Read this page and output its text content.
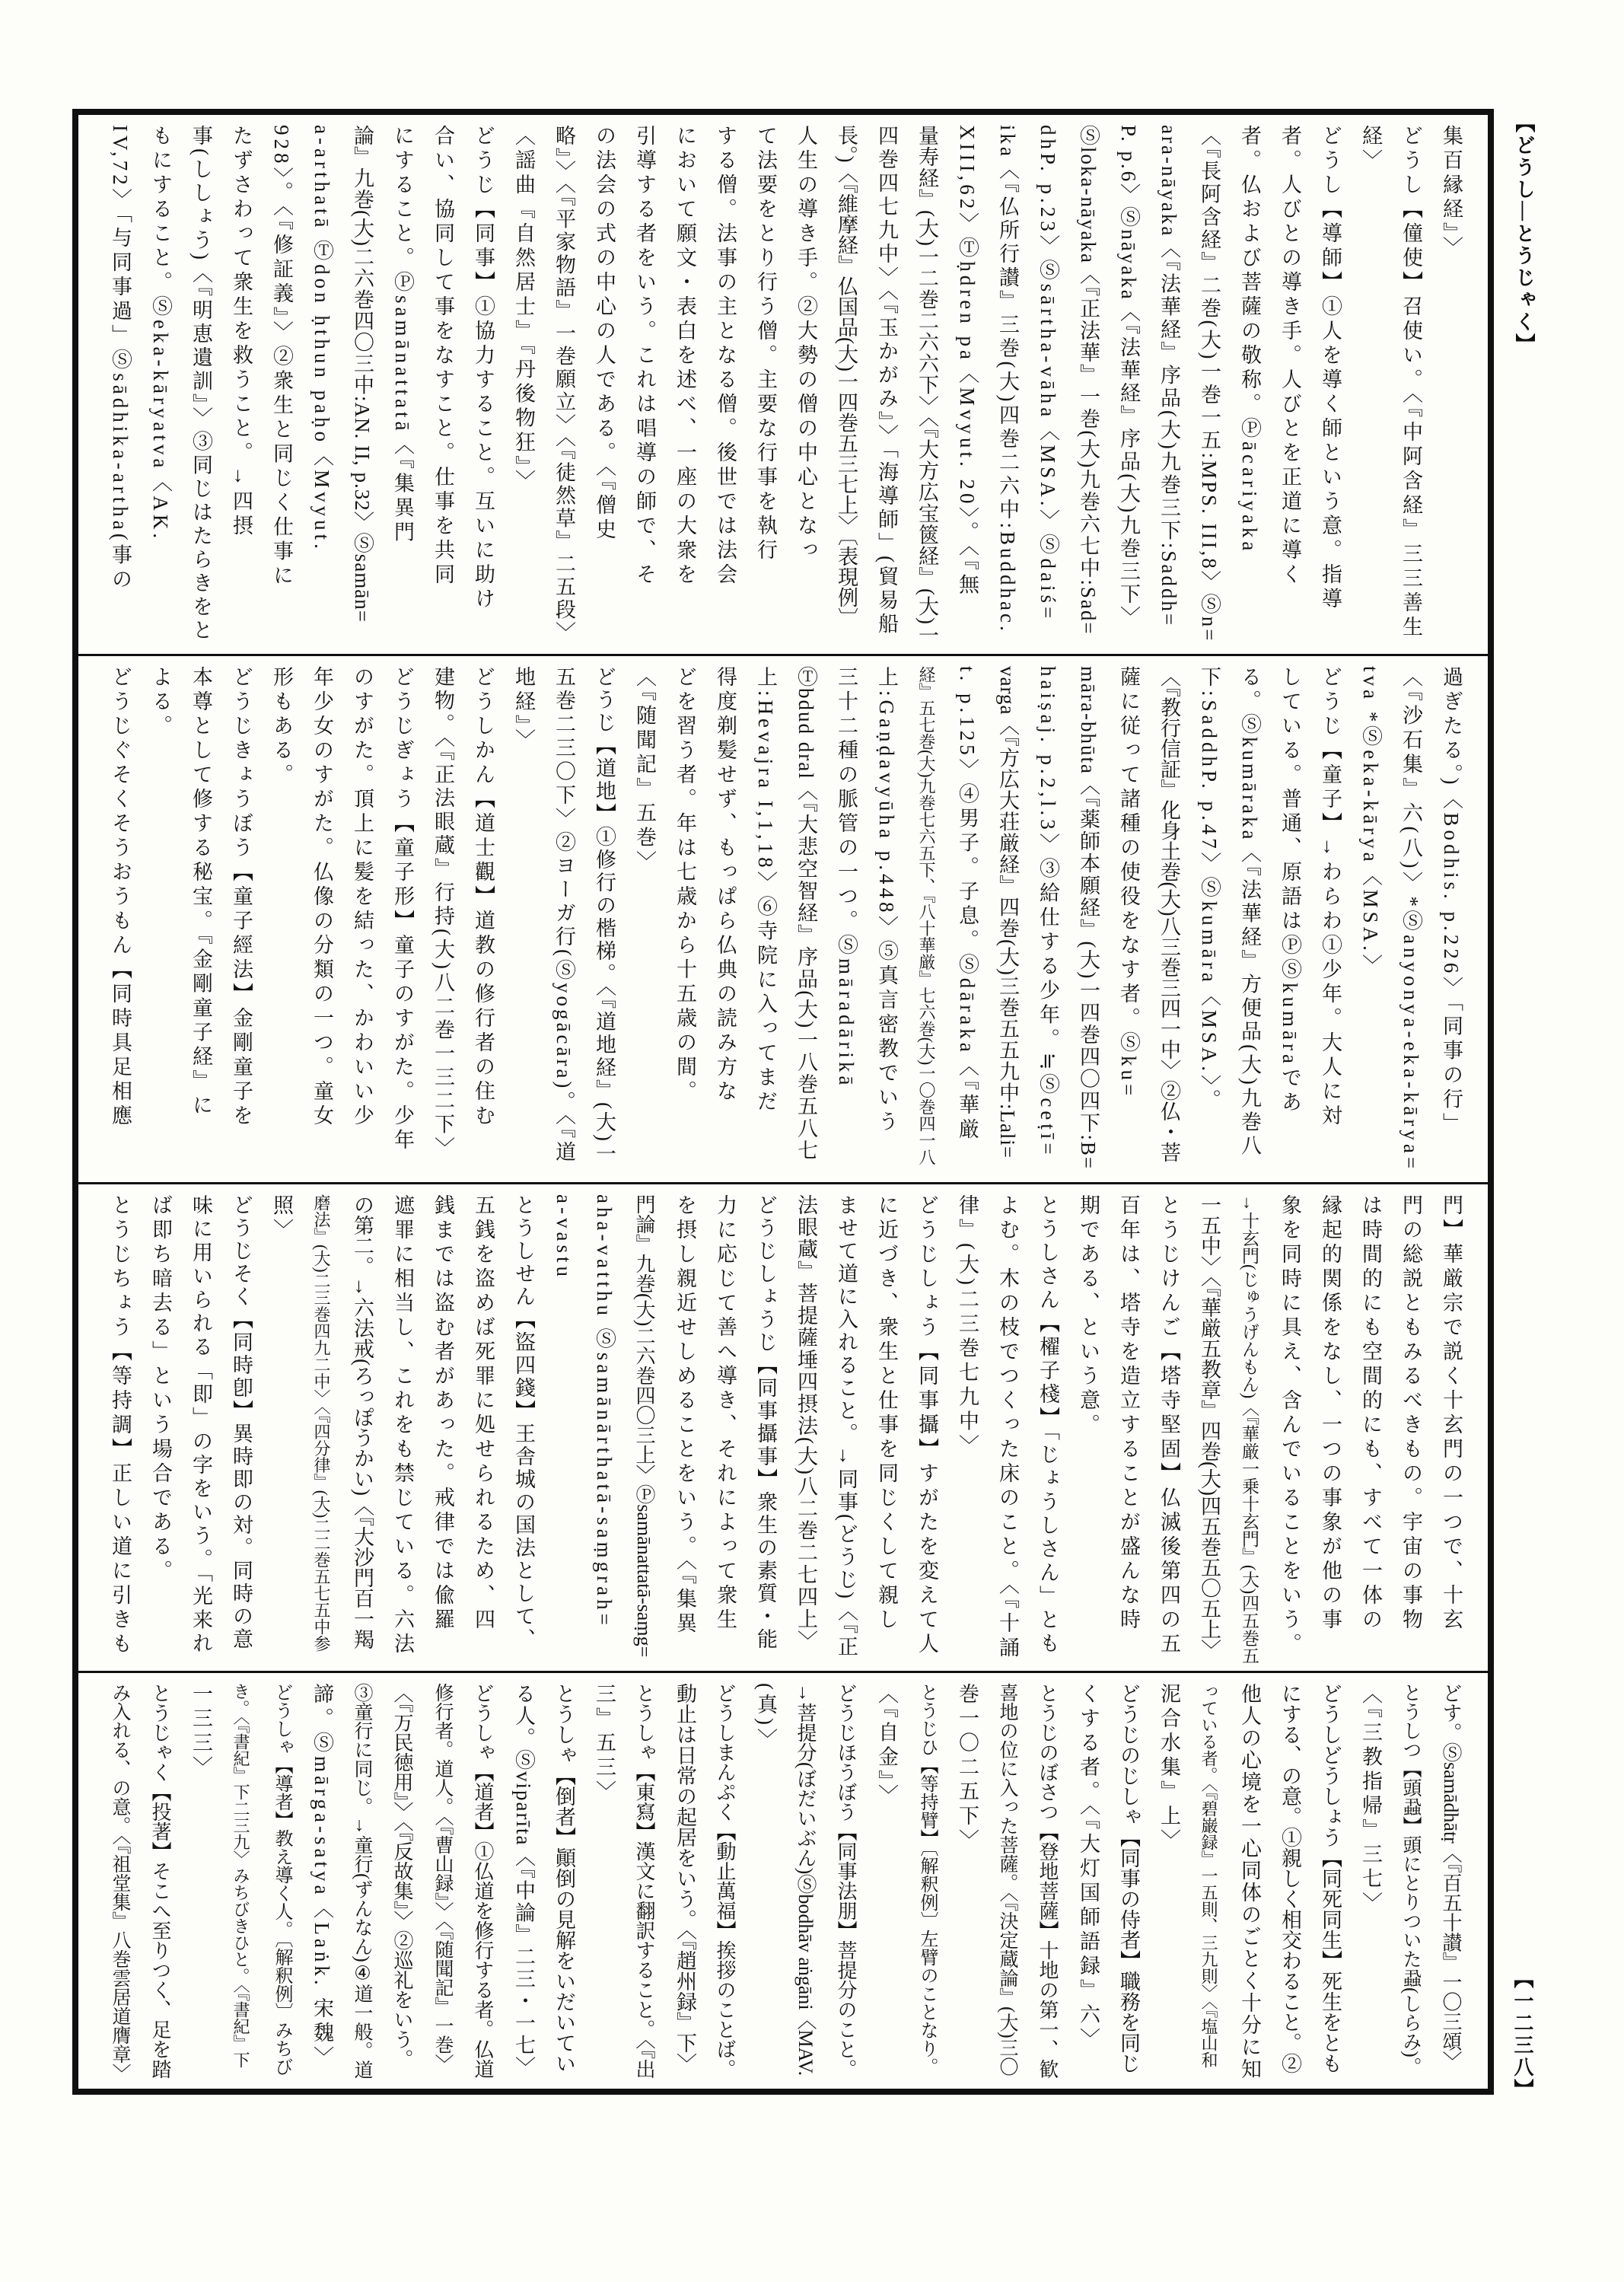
【どうし―とうじゃく】
集百縁経』〉
どうし【僮使】召使い。〈『中阿含経』三三善生
経〉
どうし【導師】①人を導く師という意。指導
者。人びとの導き手。人びとを正道に導く
者。仏および菩薩の敬称。Ⓟācariyaka
〈『長阿含経』二巻(大)一巻一五:MPS. III,8〉Ⓢn=
ara-nāyaka〈『法華経』序品(大)九巻三下:Saddh=
P. p.6〉Ⓢnāyaka〈『法華経』序品(大)九巻三下〉
Ⓢloka-nāyaka〈『正法華』一巻(大)九巻六七中:Sad=
dhP. p.23〉Ⓢsārtha-vāha〈MSA.〉Ⓢdaiś=
ika〈『仏所行讃』三巻(大)四巻二六中:Buddhac.
XIII,62〉Ⓣḥdren pa〈Mvyut. 20〉。〈『無
量寿経』(大)一二巻二六六下〉〈『大方広宝篋経』(大)一
四巻四七九中〉〈『玉かがみ』〉「海導師」(貿易船
長。)〈『維摩経』仏国品(大)一四巻五三七上〉〔表現例〕
人生の導き手。②大勢の僧の中心となっ
て法要をとり行う僧。主要な行事を執行
する僧。法事の主となる僧。後世では法会
において願文・表白を述べ、一座の大衆を
引導する者をいう。これは唱導の師で、そ
の法会の式の中心の人である。〈『僧史
略』〉〈『平家物語』一巻願立〉〈『徒然草』二五段〉
〈謡曲『自然居士』『丹後物狂』〉
どうじ【同事】①協力すること。互いに助け
合い、協同して事をなすこと。仕事を共同
にすること。Ⓟsamānattatā〈『集異門
論』九巻(大)二六巻四〇三中:AN. II, p.32〉Ⓢsamān=
a-arthatā Ⓣdon ḥthun paḥo〈Mvyut.
928〉。〈『修証義』〉②衆生と同じく仕事に
たずさわって衆生を救うこと。→四摂
事(ししょう)〈『明恵遺訓』〉③同じはたらきをと
もにすること。Ⓢeka-kāryatva〈AK.
IV,72〉「与同事過」Ⓢsādhika-artha(事の
過ぎたる。)〈Bodhis. p.226〉「同事の行」
〈『沙石集』六(八)〉*Ⓢanyonya-eka-kārya=
tva *Ⓢeka-kārya〈MSA.〉
どうじ【童子】→わらわ①少年。大人に対
している。普通、原語はⓅⓈkumāraであ
る。Ⓢkumāraka〈『法華経』方便品(大)九巻八
下:SaddhP. p.47〉Ⓢkumāra〈MSA.〉。
〈『教行信証』化身土巻(大)八三巻三四一中〉②仏・菩
薩に従って諸種の使役をなす者。Ⓢku=
māra-bhūta〈『薬師本願経』(大)一四巻四〇四下:B=
haiṣaj. p.2,l.3〉③給仕する少年。≒Ⓢceṭī=
varga〈『方広大荘厳経』四巻(大)三巻五五九中:Lali=
t. p.125〉④男子。子息。Ⓢdāraka〈『華厳
経』五七巻(大)九巻七六五下、『八十華厳』七六巻(大)一〇巻四一八
上:Gaṇḍavyūha p.448〉⑤真言密教でいう
三十二種の脈管の一つ。Ⓢmāradārikā
Ⓣbdud dral〈『大悲空智経』序品(大)一八巻五八七
上:Hevajra I,1,18〉⑥寺院に入ってまだ
得度剃髪せず、もっぱら仏典の読み方な
どを習う者。年は七歳から十五歳の間。
〈『随聞記』五巻〉
どうじ【道地】①修行の楷梯。〈『道地経』(大)一
五巻二三〇下〉②ヨーガ行(Ⓢyogācāra)。〈『道
地経』〉
どうしかん【道士觀】道教の修行者の住む
建物。〈『正法眼蔵』行持(大)八二巻一三二下〉
どうじぎょう【童子形】童子のすがた。少年
のすがた。頂上に髪を結った、かわいい少
年少女のすがた。仏像の分類の一つ。童女
形もある。
どうじきょうぼう【童子經法】金剛童子を
本尊として修する秘宝。『金剛童子経』に
よる。
どうじぐそくそうおうもん【同時具足相應
門】華厳宗で説く十玄門の一つで、十玄
門の総説ともみるべきもの。宇宙の事物
は時間的にも空間的にも、すべて一体の
縁起的関係をなし、一つの事象が他の事
象を同時に具え、含んでいることをいう。
→十玄門(じゅうげんもん)〈『華厳一乗十玄門』(大)四五巻五
一五中〉〈『華厳五教章』四巻(大)四五巻五〇五上〉
とうじけんご【塔寺堅固】仏滅後第四の五
百年は、塔寺を造立することが盛んな時
期である、という意。
とうしさん【櫂子棧】「じょうしさん」とも
よむ。木の枝でつくった床のこと。〈『十誦
律』(大)二三巻七九中〉
どうじしょう【同事攝】すがたを変えて人
に近づき、衆生と仕事を同じくして親し
ませて道に入れること。→同事(どうじ)〈『正
法眼蔵』菩提薩埵四摂法(大)八二巻二七四上〉
どうじしょうじ【同事攝事】衆生の素質・能
力に応じて善へ導き、それによって衆生
を摂し親近せしめることをいう。〈『集異
門論』九巻(大)二六巻四〇三上〉Ⓟsamānattatā-saṃg=
aha-vatthu Ⓢsamānārthatā-saṃgrah=
a-vastu
とうしせん【盜四錢】王舎城の国法として、
五銭を盗めば死罪に処せられるため、四
銭までは盗む者があった。戒律では偸羅
遮罪に相当し、これをも禁じている。六法
の第二。→六法戒(ろっぽうかい)〈『大沙門百一羯
磨法』(大)二三巻四九二中〉〈『四分律』(大)二二巻五七五中参
照〉
どうじそく【同時卽】異時即の対。同時の意
味に用いられる「即」の字をいう。「光来れ
ば即ち暗去る」という場合である。
とうじちょう【等持調】正しい道に引きも
どす。Ⓢsamādhātṛ〈『百五十讃』一〇三頌〉
とうしつ【頭蝨】頭にとりついた蝨(しらみ)。
〈『三教指帰』三七〉
どうしどうしょう【同死同生】死生をとも
にする、の意。①親しく相交わること。②
他人の心境を一心同体のごとく十分に知
っている者。〈『碧巌録』一五則、三九則〉〈『塩山和
泥合水集』上〉
どうじのじしゃ【同事の侍者】職務を同じ
くする者。〈『大灯国師語録』六〉
とうじのぼさつ【登地菩薩】十地の第一、歓
喜地の位に入った菩薩。〈『決定蔵論』(大)三〇
巻一〇二五下〉
とうじひ【等持臂】〔解釈例〕左臂のことなり。
〈『自金』〉
どうじほうぼう【同事法朋】菩提分のこと。
→菩提分(ぼだいぶん)Ⓢbodhāv aṅgāni〈MAV.
(真)〉
どうしまんぷく【動止萬福】挨拶のことば。
動止は日常の起居をいう。〈『趙州録』下〉
とうしゃ【東寫】漢文に翻訳すること。〈『出
三』五三〉
とうしゃ【倒者】顚倒の見解をいだいてい
る人。Ⓢviparīta〈『中論』二三・一七〉
どうしゃ【道者】①仏道を修行する者。仏道
修行者。道人。〈『曹山録』〉〈『随聞記』一巻〉
〈『万民徳用』〉〈『反故集』〉②巡礼をいう。
③童行に同じ。→童行(ずんなん)④道一般。道
諦。Ⓢmārga-satya〈Laṅk. 宋魏〉
どうしゃ【導者】教え導く人。〔解釈例〕みちび
き。〈『書紀』下二三九〉みちびきひと。〈『書紀』下
一三三〉
とうじゃく【投著】そこへ至りつく、足を踏
み入れる、の意。〈『祖堂集』八巻雲居道膺章〉	【一二三八】
